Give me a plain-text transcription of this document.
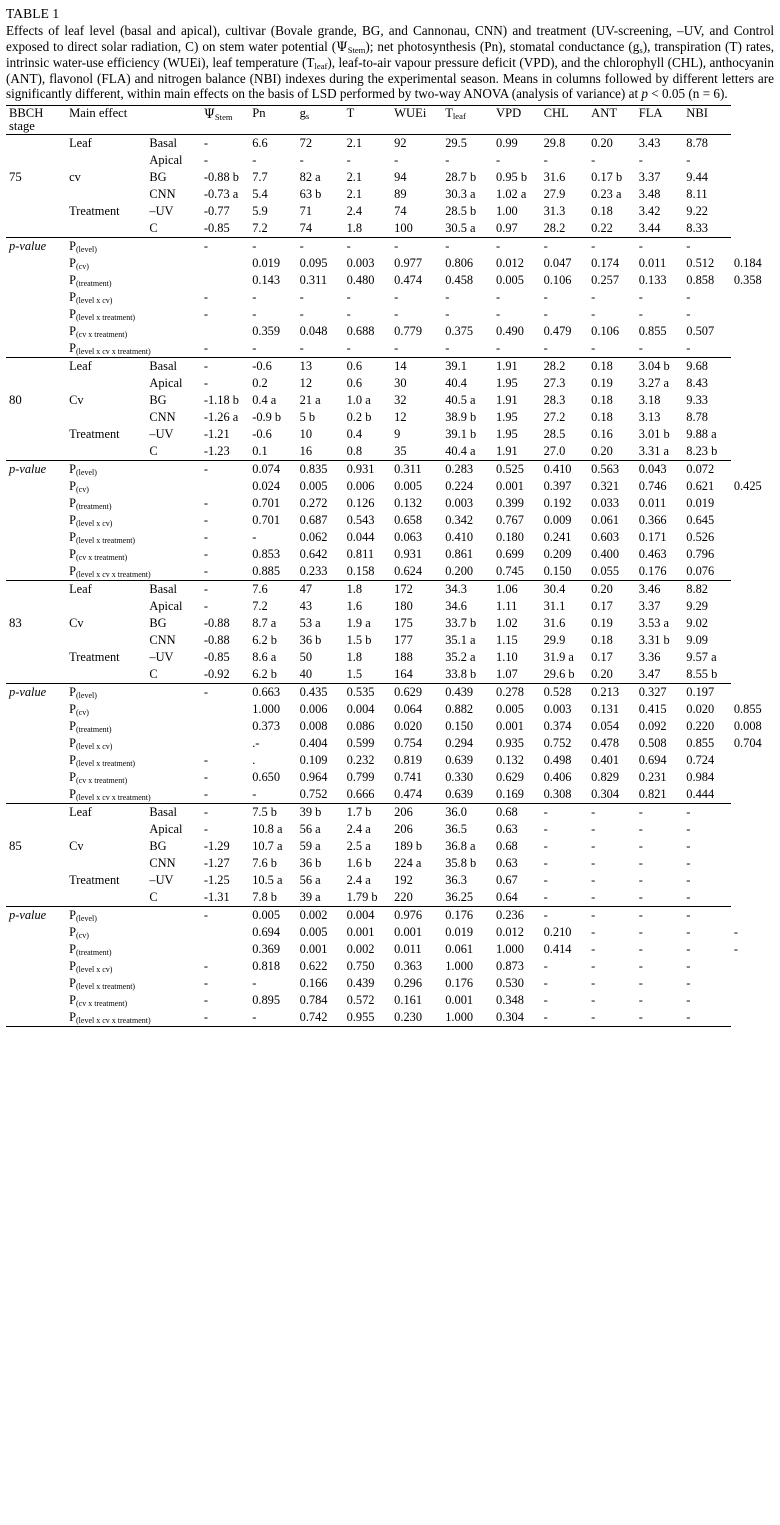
TABLE 1
Effects of leaf level (basal and apical), cultivar (Bovale grande, BG, and Cannonau, CNN) and treatment (UV-screening, –UV, and Control exposed to direct solar radiation, C) on stem water potential (ΨStem); net photosynthesis (Pn), stomatal conductance (gs), transpiration (T) rates, intrinsic water-use efficiency (WUEi), leaf temperature (Tleaf), leaf-to-air vapour pressure deficit (VPD), and the chlorophyll (CHL), anthocyanin (ANT), flavonol (FLA) and nitrogen balance (NBI) indexes during the experimental season. Means in columns followed by different letters are significantly different, within main effects on the basis of LSD performed by two-way ANOVA (analysis of variance) at p < 0.05 (n = 6).
BBCH
stage	Main effect		ΨStem	Pn	gs	T	WUEi	Tleaf	VPD	CHL	ANT	FLA	NBI	
	Leaf	Basal	-	6.6	72	2.1	92	29.5	0.99	29.8	0.20	3.43	8.78	
		Apical	-	-	-	-	-	-	-	-	-	-	-	
75	cv	BG	-0.88 b	7.7	82 a	2.1	94	28.7 b	0.95 b	31.6	0.17 b	3.37	9.44	
		CNN	-0.73 a	5.4	63 b	2.1	89	30.3 a	1.02 a	27.9	0.23 a	3.48	8.11	
	Treatment	–UV	-0.77	5.9	71	2.4	74	28.5 b	1.00	31.3	0.18	3.42	9.22	
		C	-0.85	7.2	74	1.8	100	30.5 a	0.97	28.2	0.22	3.44	8.33	
p-value	P(level)		-	-	-	-	-	-	-	-	-	-	-	
	P(cv)			0.019	0.095	0.003	0.977	0.806	0.012	0.047	0.174	0.011	0.512	0.184
	P(treatment)			0.143	0.311	0.480	0.474	0.458	0.005	0.106	0.257	0.133	0.858	0.358
	P(level x cv)		-	-	-	-	-	-	-	-	-	-	-	
	P(level x treatment)		-	-	-	-	-	-	-	-	-	-	-	
	P(cv x treatment)			0.359	0.048	0.688	0.779	0.375	0.490	0.479	0.106	0.855	0.507	
	P(level x cv x treatment)		-	-	-	-	-	-	-	-	-	-	-	
	Leaf	Basal	-	-0.6	13	0.6	14	39.1	1.91	28.2	0.18	3.04 b	9.68	
		Apical	-	0.2	12	0.6	30	40.4	1.95	27.3	0.19	3.27 a	8.43	
80	Cv	BG	-1.18 b	0.4 a	21 a	1.0 a	32	40.5 a	1.91	28.3	0.18	3.18	9.33	
		CNN	-1.26 a	-0.9 b	5 b	0.2 b	12	38.9 b	1.95	27.2	0.18	3.13	8.78	
	Treatment	–UV	-1.21	-0.6	10	0.4	9	39.1 b	1.95	28.5	0.16	3.01 b	9.88 a	
		C	-1.23	0.1	16	0.8	35	40.4 a	1.91	27.0	0.20	3.31 a	8.23 b	
p-value	P(level)		-	0.074	0.835	0.931	0.311	0.283	0.525	0.410	0.563	0.043	0.072	
	P(cv)			0.024	0.005	0.006	0.005	0.224	0.001	0.397	0.321	0.746	0.621	0.425
	P(treatment)		-	0.701	0.272	0.126	0.132	0.003	0.399	0.192	0.033	0.011	0.019	
	P(level x cv)		-	0.701	0.687	0.543	0.658	0.342	0.767	0.009	0.061	0.366	0.645	
	P(level x treatment)		-	-	0.062	0.044	0.063	0.410	0.180	0.241	0.603	0.171	0.526	
	P(cv x treatment)		-	0.853	0.642	0.811	0.931	0.861	0.699	0.209	0.400	0.463	0.796	
	P(level x cv x treatment)		-	0.885	0.233	0.158	0.624	0.200	0.745	0.150	0.055	0.176	0.076	
	Leaf	Basal	-	7.6	47	1.8	172	34.3	1.06	30.4	0.20	3.46	8.82	
		Apical	-	7.2	43	1.6	180	34.6	1.11	31.1	0.17	3.37	9.29	
83	Cv	BG	-0.88	8.7 a	53 a	1.9 a	175	33.7 b	1.02	31.6	0.19	3.53 a	9.02	
		CNN	-0.88	6.2 b	36 b	1.5 b	177	35.1 a	1.15	29.9	0.18	3.31 b	9.09	
	Treatment	–UV	-0.85	8.6 a	50	1.8	188	35.2 a	1.10	31.9 a	0.17	3.36	9.57 a	
		C	-0.92	6.2 b	40	1.5	164	33.8 b	1.07	29.6 b	0.20	3.47	8.55 b	
p-value	P(level)		-	0.663	0.435	0.535	0.629	0.439	0.278	0.528	0.213	0.327	0.197	
	P(cv)			1.000	0.006	0.004	0.064	0.882	0.005	0.003	0.131	0.415	0.020	0.855
	P(treatment)			0.373	0.008	0.086	0.020	0.150	0.001	0.374	0.054	0.092	0.220	0.008
	P(level x cv)			.-	0.404	0.599	0.754	0.294	0.935	0.752	0.478	0.508	0.855	0.704
	P(level x treatment)		-	.	0.109	0.232	0.819	0.639	0.132	0.498	0.401	0.694	0.724	
	P(cv x treatment)		-	0.650	0.964	0.799	0.741	0.330	0.629	0.406	0.829	0.231	0.984	
	P(level x cv x treatment)		-	-	0.752	0.666	0.474	0.639	0.169	0.308	0.304	0.821	0.444	
	Leaf	Basal	-	7.5 b	39 b	1.7 b	206	36.0	0.68	-	-	-	-	
		Apical	-	10.8 a	56 a	2.4 a	206	36.5	0.63	-	-	-	-	
85	Cv	BG	-1.29	10.7 a	59 a	2.5 a	189 b	36.8 a	0.68	-	-	-	-	
		CNN	-1.27	7.6 b	36 b	1.6 b	224 a	35.8 b	0.63	-	-	-	-	
	Treatment	–UV	-1.25	10.5 a	56 a	2.4 a	192	36.3	0.67	-	-	-	-	
		C	-1.31	7.8 b	39 a	1.79 b	220	36.25	0.64	-	-	-	-	
p-value	P(level)		-	0.005	0.002	0.004	0.976	0.176	0.236	-	-	-	-	
	P(cv)			0.694	0.005	0.001	0.001	0.019	0.012	0.210	-	-	-	-
	P(treatment)			0.369	0.001	0.002	0.011	0.061	1.000	0.414	-	-	-	-
	P(level x cv)		-	0.818	0.622	0.750	0.363	1.000	0.873	-	-	-	-	
	P(level x treatment)		-	-	0.166	0.439	0.296	0.176	0.530	-	-	-	-	
	P(cv x treatment)		-	0.895	0.784	0.572	0.161	0.001	0.348	-	-	-	-	
	P(level x cv x treatment)		-	-	0.742	0.955	0.230	1.000	0.304	-	-	-	-	
